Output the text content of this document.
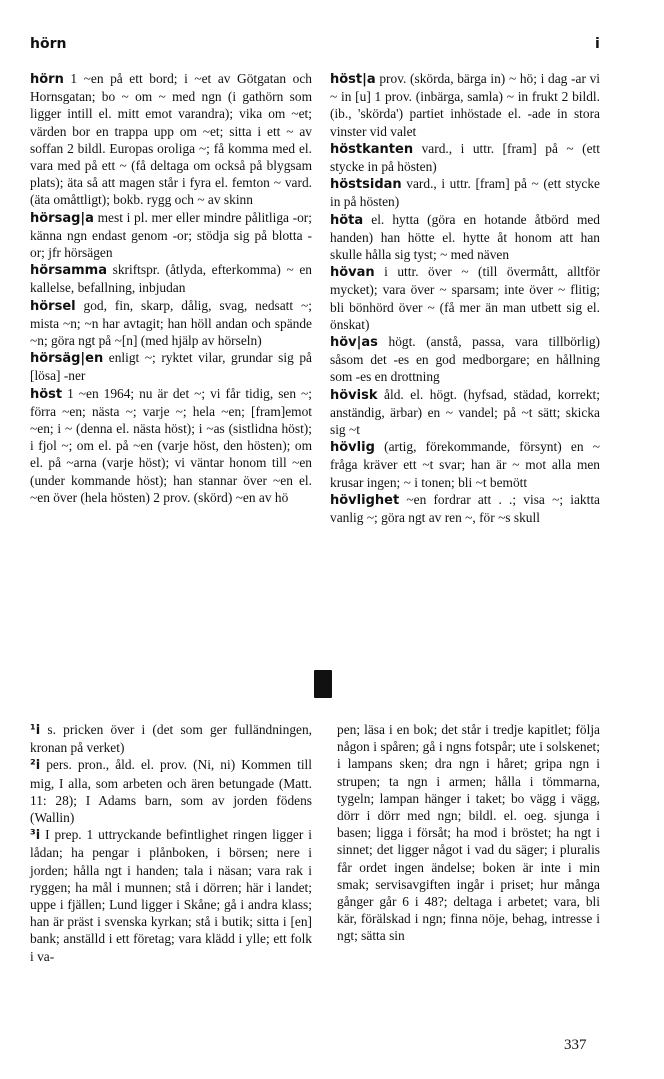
hörn	i

hörn 1 ~en på ett bord; i ~et av Götgatan och Hornsgatan; bo ~ om ~ med ngn (i gathörn som ligger intill el. mitt emot varandra); vika om ~et; värden bor en trappa upp om ~et; sitta i ett ~ av soffan 2 bildl. Europas oroliga ~; få komma med el. vara med på ett ~ (få deltaga om också på blygsam plats); äta så att magen står i fyra el. femton ~ vard. (äta omåttligt); bokb. rygg och ~ av skinn

hörsag|a mest i pl. mer eller mindre pålitliga -or; känna ngn endast genom -or; stödja sig på blotta -or; jfr hörsägen

hörsamma skriftspr. (åtlyda, efterkomma) ~ en kallelse, befallning, inbjudan

hörsel god, fin, skarp, dålig, svag, nedsatt ~; mista ~n; ~n har avtagit; han höll andan och spände ~n; göra ngt på ~[n] (med hjälp av hörseln)

hörsäg|en enligt ~; ryktet vilar, grundar sig på [lösa] -ner

höst 1 ~en 1964; nu är det ~; vi får tidig, sen ~; förra ~en; nästa ~; varje ~; hela ~en; [fram]emot ~en; i ~ (denna el. nästa höst); i ~as (sistlidna höst); i fjol ~; om el. på ~en (varje höst, den hösten); om el. på ~arna (varje höst); vi väntar honom till ~en (under kommande höst); han stannar över ~en el. ~en över (hela hösten) 2 prov. (skörd) ~en av hö

höst|a prov. (skörda, bärga in) ~ hö; i dag -ar vi ~ in [u] 1 prov. (inbärga, samla) ~ in frukt 2 bildl. (ib., 'skörda') partiet inhöstade el. -ade in stora vinster vid valet

höstkanten vard., i uttr. [fram] på ~ (ett stycke in på hösten)

höstsidan vard., i uttr. [fram] på ~ (ett stycke in på hösten)

höta el. hytta (göra en hotande åtbörd med handen) han hötte el. hytte åt honom att han skulle hålla sig tyst; ~ med näven

hövan i uttr. över ~ (till övermått, alltför mycket); vara över ~ sparsam; inte över ~ flitig; bli bönhörd över ~ (få mer än man utbett sig el. önskat)

höv|as högt. (anstå, passa, vara tillbörlig) såsom det -es en god medborgare; en hållning som -es en drottning

hövisk åld. el. högt. (hyfsad, städad, korrekt; anständig, ärbar) en ~ vandel; på ~t sätt; skicka sig ~t

hövlig (artig, förekommande, försynt) en ~ fråga kräver ett ~t svar; han är ~ mot alla men krusar ingen; ~ i tonen; bli ~t bemött

hövlighet ~en fordrar att . .; visa ~; iaktta vanlig ~; göra ngt av ren ~, för ~s skull

¹i s. pricken över i (det som ger fulländningen, kronan på verket)

²i pers. pron., åld. el. prov. (Ni, ni) Kommen till mig, I alla, som arbeten och ären betungade (Matt. 11: 28); I Adams barn, som av jorden födens (Wallin)

³i I prep. 1 uttryckande befintlighet ringen ligger i lådan; ha pengar i plånboken, i börsen; nere i jorden; hålla ngt i handen; tala i näsan; vara rak i ryggen; ha mål i munnen; stå i dörren; här i landet; uppe i fjällen; Lund ligger i Skåne; gå i andra klass; han är präst i svenska kyrkan; stå i butik; sitta i [en] bank; anställd i ett företag; vara klädd i ylle; ett folk i va-

pen; läsa i en bok; det står i tredje kapitlet; följa någon i spåren; gå i ngns fotspår; ute i solskenet; i lampans sken; dra ngn i håret; gripa ngn i strupen; ta ngn i armen; hålla i tömmarna, tygeln; lampan hänger i taket; bo vägg i vägg, dörr i dörr med ngn; bildl. el. oeg. sjunga i basen; ligga i försåt; ha mod i bröstet; ha ngt i sinnet; det ligger något i vad du säger; i pluralis får ordet ingen ändelse; boken är inte i min smak; servisavgiften ingår i priset; hur många gånger går 6 i 48?; deltaga i arbetet; vara, bli kär, förälskad i ngn; finna nöje, behag, intresse i ngt; sätta sin

337
